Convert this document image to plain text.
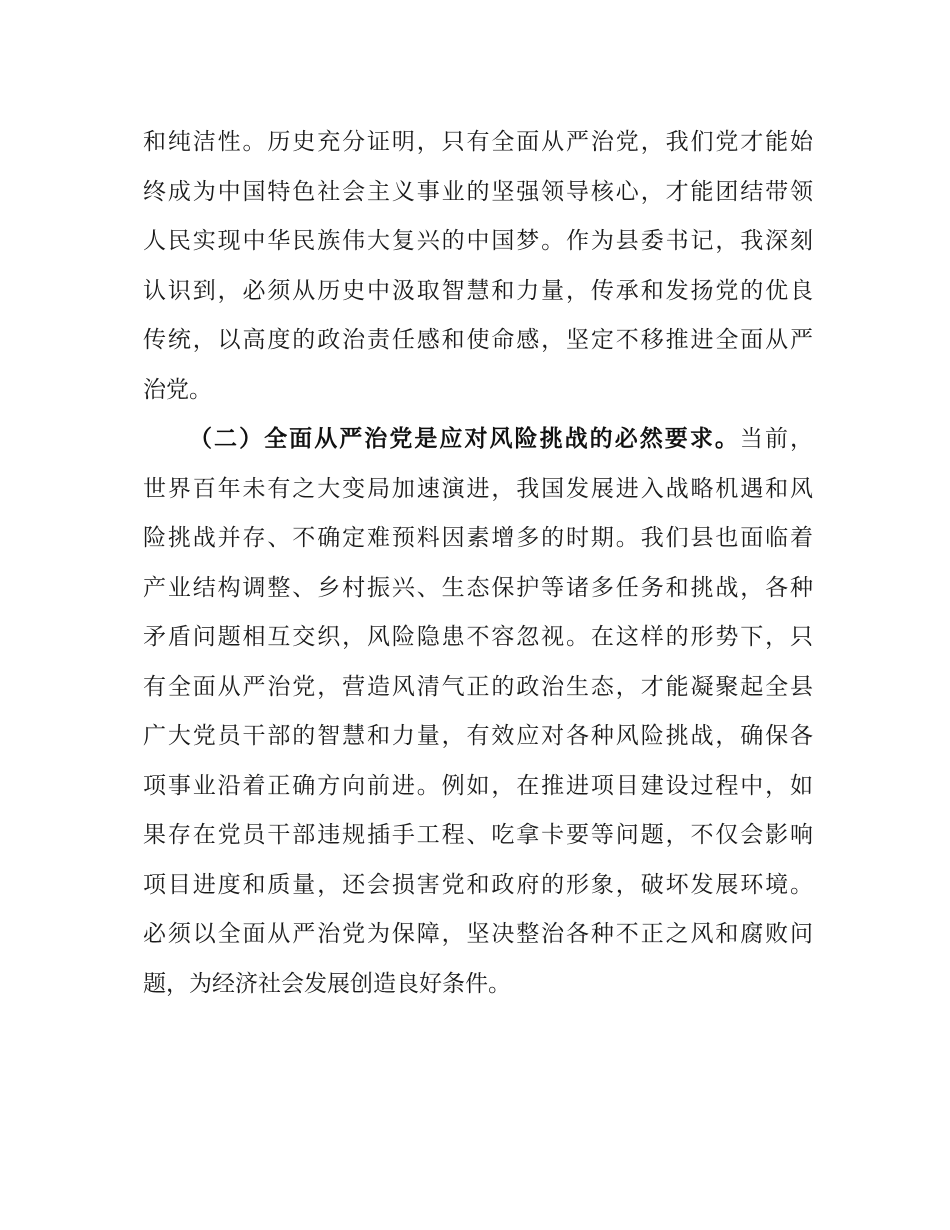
和纯洁性。历史充分证明，只有全面从严治党，我们党才能始
终成为中国特色社会主义事业的坚强领导核心，才能团结带领
人民实现中华民族伟大复兴的中国梦。作为县委书记，我深刻
认识到，必须从历史中汲取智慧和力量，传承和发扬党的优良
传统，以高度的政治责任感和使命感，坚定不移推进全面从严
治党。
（二）全面从严治党是应对风险挑战的必然要求。当前，
世界百年未有之大变局加速演进，我国发展进入战略机遇和风
险挑战并存、不确定难预料因素增多的时期。我们县也面临着
产业结构调整、乡村振兴、生态保护等诸多任务和挑战，各种
矛盾问题相互交织，风险隐患不容忽视。在这样的形势下，只
有全面从严治党，营造风清气正的政治生态，才能凝聚起全县
广大党员干部的智慧和力量，有效应对各种风险挑战，确保各
项事业沿着正确方向前进。例如，在推进项目建设过程中，如
果存在党员干部违规插手工程、吃拿卡要等问题，不仅会影响
项目进度和质量，还会损害党和政府的形象，破坏发展环境。
必须以全面从严治党为保障，坚决整治各种不正之风和腐败问
题，为经济社会发展创造良好条件。
